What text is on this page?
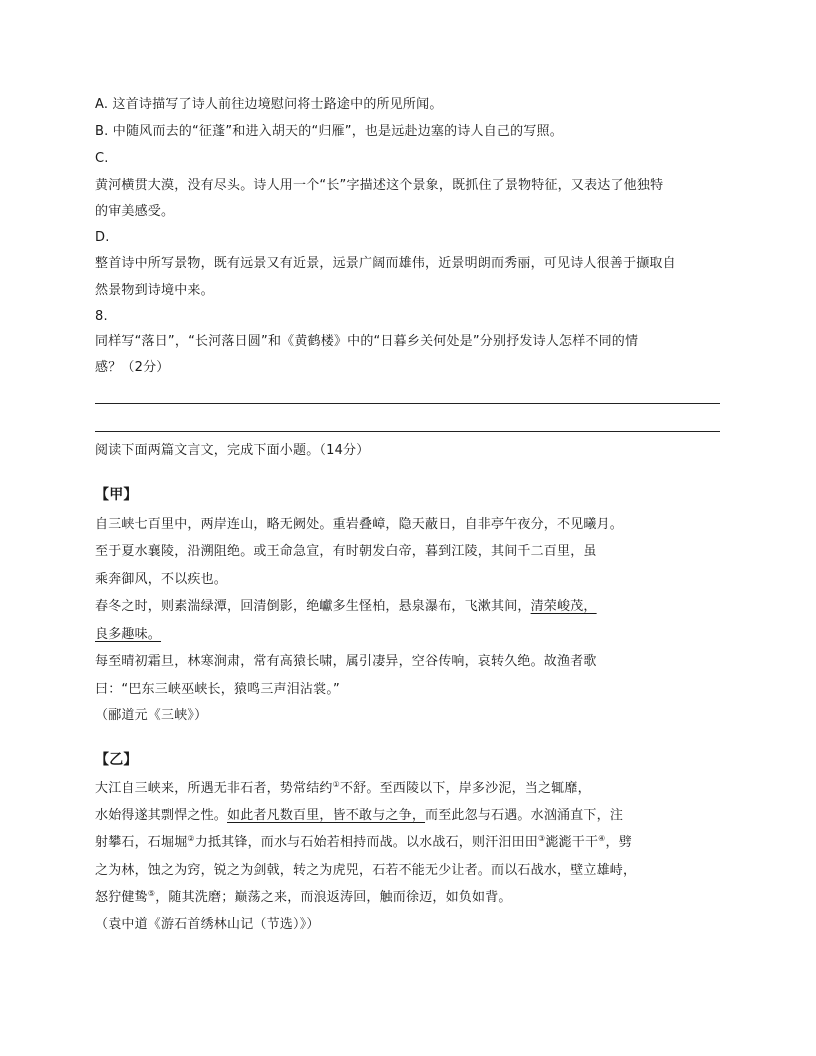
A. 这首诗描写了诗人前往边境慰问将士路途中的所见所闻。
B. 中随风而去的“征蓬”和进入胡天的“归雁”，也是远赴边塞的诗人自己的写照。
C.
黄河横贯大漠，没有尽头。诗人用一个“长”字描述这个景象，既抓住了景物特征，又表达了他独特
的审美感受。
D.
整首诗中所写景物，既有远景又有近景，远景广阔而雄伟，近景明朗而秀丽，可见诗人很善于撷取自
然景物到诗境中来。
8.
同样写“落日”，“长河落日圆”和《黄鹤楼》中的“日暮乡关何处是”分别抒发诗人怎样不同的情
感？（2分）
阅读下面两篇文言文，完成下面小题。（14分）
【甲】
自三峡七百里中，两岸连山，略无阙处。重岩叠嶂，隐天蔽日，自非亭午夜分，不见曦月。
至于夏水襄陵，沿溯阻绝。或王命急宣，有时朝发白帝，暮到江陵，其间千二百里，虽
乘奔御风，不以疾也。
春冬之时，则素湍绿潭，回清倒影，绝巘多生怪柏，悬泉瀑布，飞漱其间，清荣峻茂，
良多趣味。
每至晴初霜旦，林寒涧肃，常有高猿长啸，属引凄异，空谷传响，哀转久绝。故渔者歌
曰：“巴东三峡巫峡长，猿鸣三声泪沾裳。”
（郦道元《三峡》）
【乙】
大江自三峡来，所遇无非石者，势常结约①不舒。至西陵以下，岸多沙泥，当之辄靡，
水始得遂其剽悍之性。如此者凡数百里，皆不敢与之争，而至此忽与石遇。水汹涌直下，注
射攀石，石堀堀②力抵其锋，而水与石始若相持而战。以水战石，则汗汨田田③滮滮干干④，劈
之为林，蚀之为窍，锐之为剑戟，转之为虎兕，石若不能无少让者。而以石战水，壁立雄峙，
怒狞健鸷⑤，随其洗磨；巅荡之来，而浪返涛回，触而徐迈，如负如背。
（袁中道《游石首绣林山记（节选）》）
